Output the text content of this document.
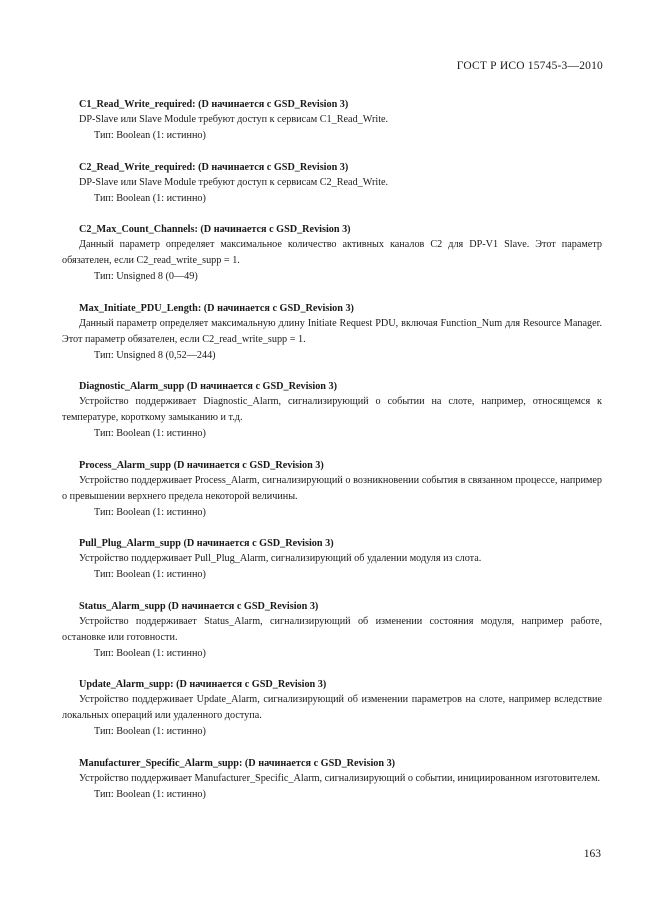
ГОСТ Р ИСО 15745-3—2010
C1_Read_Write_required: (D начинается с GSD_Revision 3)
DP-Slave или Slave Module требуют доступ к сервисам C1_Read_Write.
Тип: Boolean (1: истинно)
C2_Read_Write_required: (D начинается с GSD_Revision 3)
DP-Slave или Slave Module требуют доступ к сервисам C2_Read_Write.
Тип: Boolean (1: истинно)
C2_Max_Count_Channels: (D начинается с GSD_Revision 3)
Данный параметр определяет максимальное количество активных каналов C2 для DP-V1 Slave. Этот параметр обязателен, если C2_read_write_supp = 1.
Тип: Unsigned 8 (0—49)
Max_Initiate_PDU_Length: (D начинается с GSD_Revision 3)
Данный параметр определяет максимальную длину Initiate Request PDU, включая Function_Num для Resource Manager. Этот параметр обязателен, если C2_read_write_supp = 1.
Тип: Unsigned 8 (0,52—244)
Diagnostic_Alarm_supp (D начинается с GSD_Revision 3)
Устройство поддерживает Diagnostic_Alarm, сигнализирующий о событии на слоте, например, относящемся к температуре, короткому замыканию и т.д.
Тип: Boolean (1: истинно)
Process_Alarm_supp (D начинается с GSD_Revision 3)
Устройство поддерживает Process_Alarm, сигнализирующий о возникновении события в связанном процессе, например о превышении верхнего предела некоторой величины.
Тип: Boolean (1: истинно)
Pull_Plug_Alarm_supp (D начинается с GSD_Revision 3)
Устройство поддерживает Pull_Plug_Alarm, сигнализирующий об удалении модуля из слота.
Тип: Boolean (1: истинно)
Status_Alarm_supp (D начинается с GSD_Revision 3)
Устройство поддерживает Status_Alarm, сигнализирующий об изменении состояния модуля, например работе, остановке или готовности.
Тип: Boolean (1: истинно)
Update_Alarm_supp: (D начинается с GSD_Revision 3)
Устройство поддерживает Update_Alarm, сигнализирующий об изменении параметров на слоте, например вследствие локальных операций или удаленного доступа.
Тип: Boolean (1: истинно)
Manufacturer_Specific_Alarm_supp: (D начинается с GSD_Revision 3)
Устройство поддерживает Manufacturer_Specific_Alarm, сигнализирующий о событии, инициированном изготовителем.
Тип: Boolean (1: истинно)
163
